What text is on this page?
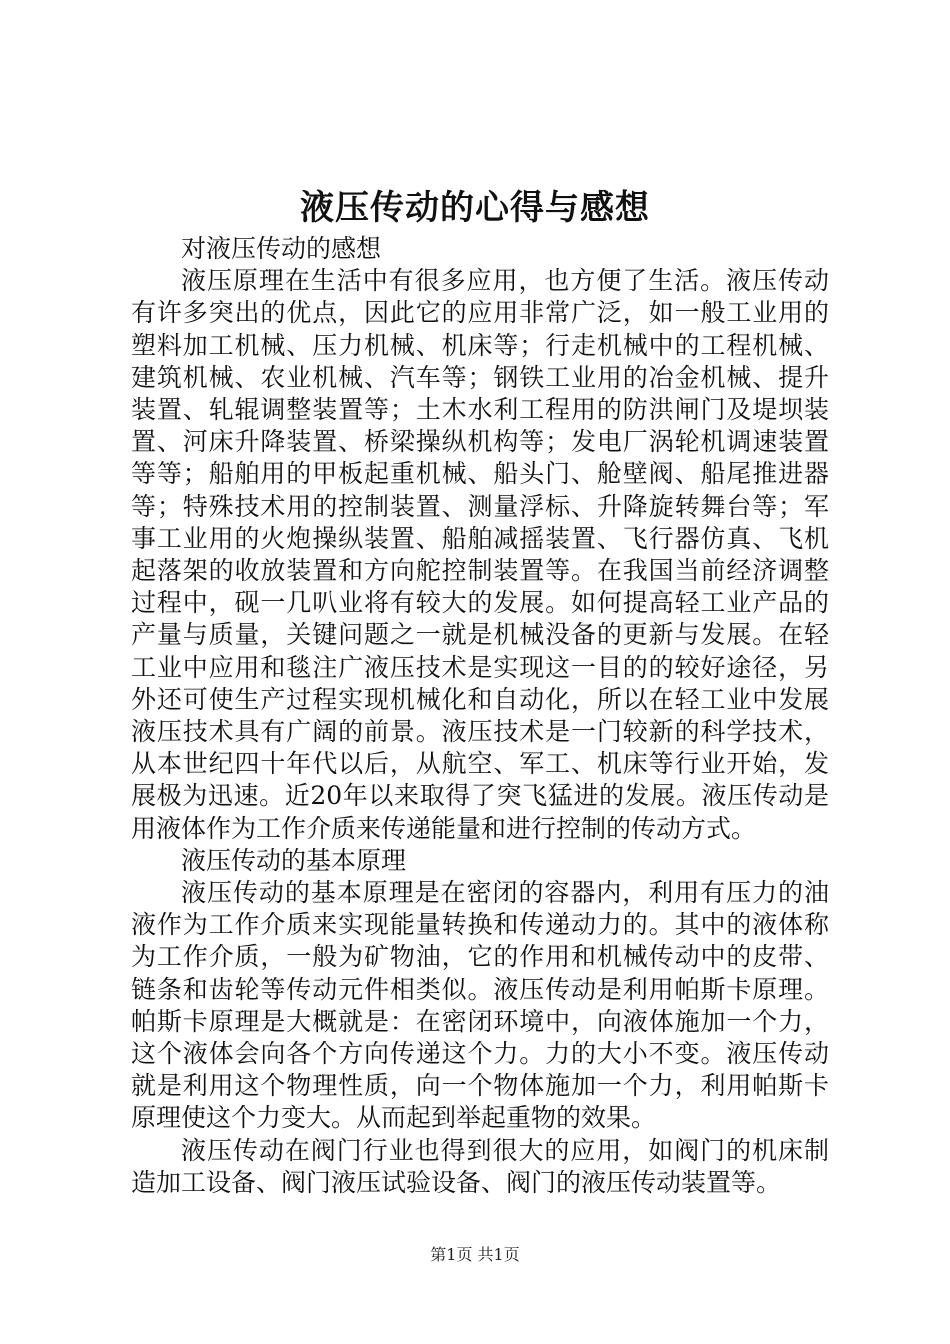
液压传动的心得与感想

对液压传动的感想

液压原理在生活中有很多应用，也方便了生活。液压传动有许多突出的优点，因此它的应用非常广泛，如一般工业用的塑料加工机械、压力机械、机床等；行走机械中的工程机械、建筑机械、农业机械、汽车等；钢铁工业用的冶金机械、提升装置、轧辊调整装置等；土木水利工程用的防洪闸门及堤坝装置、河床升降装置、桥梁操纵机构等；发电厂涡轮机调速装置等等；船舶用的甲板起重机械、船头门、舱壁阀、船尾推进器等；特殊技术用的控制装置、测量浮标、升降旋转舞台等；军事工业用的火炮操纵装置、船舶减摇装置、飞行器仿真、飞机起落架的收放装置和方向舵控制装置等。在我国当前经济调整过程中，砚一几叭业将有较大的发展。如何提高轻工业产品的产量与质量，关键问题之一就是机械没备的更新与发展。在轻工业中应用和毯注广液压技术是实现这一目的的较好途径，另外还可使生产过程实现机械化和自动化，所以在轻工业中发展液压技术具有广阔的前景。液压技术是一门较新的科学技术，从本世纪四十年代以后，从航空、军工、机床等行业开始，发展极为迅速。近20年以来取得了突飞猛进的发展。液压传动是用液体作为工作介质来传递能量和进行控制的传动方式。

液压传动的基本原理

液压传动的基本原理是在密闭的容器内，利用有压力的油液作为工作介质来实现能量转换和传递动力的。其中的液体称为工作介质，一般为矿物油，它的作用和机械传动中的皮带、链条和齿轮等传动元件相类似。液压传动是利用帕斯卡原理。帕斯卡原理是大概就是：在密闭环境中，向液体施加一个力，这个液体会向各个方向传递这个力。力的大小不变。液压传动就是利用这个物理性质，向一个物体施加一个力，利用帕斯卡原理使这个力变大。从而起到举起重物的效果。

液压传动在阀门行业也得到很大的应用，如阀门的机床制造加工设备、阀门液压试验设备、阀门的液压传动装置等。

第1页 共1页
